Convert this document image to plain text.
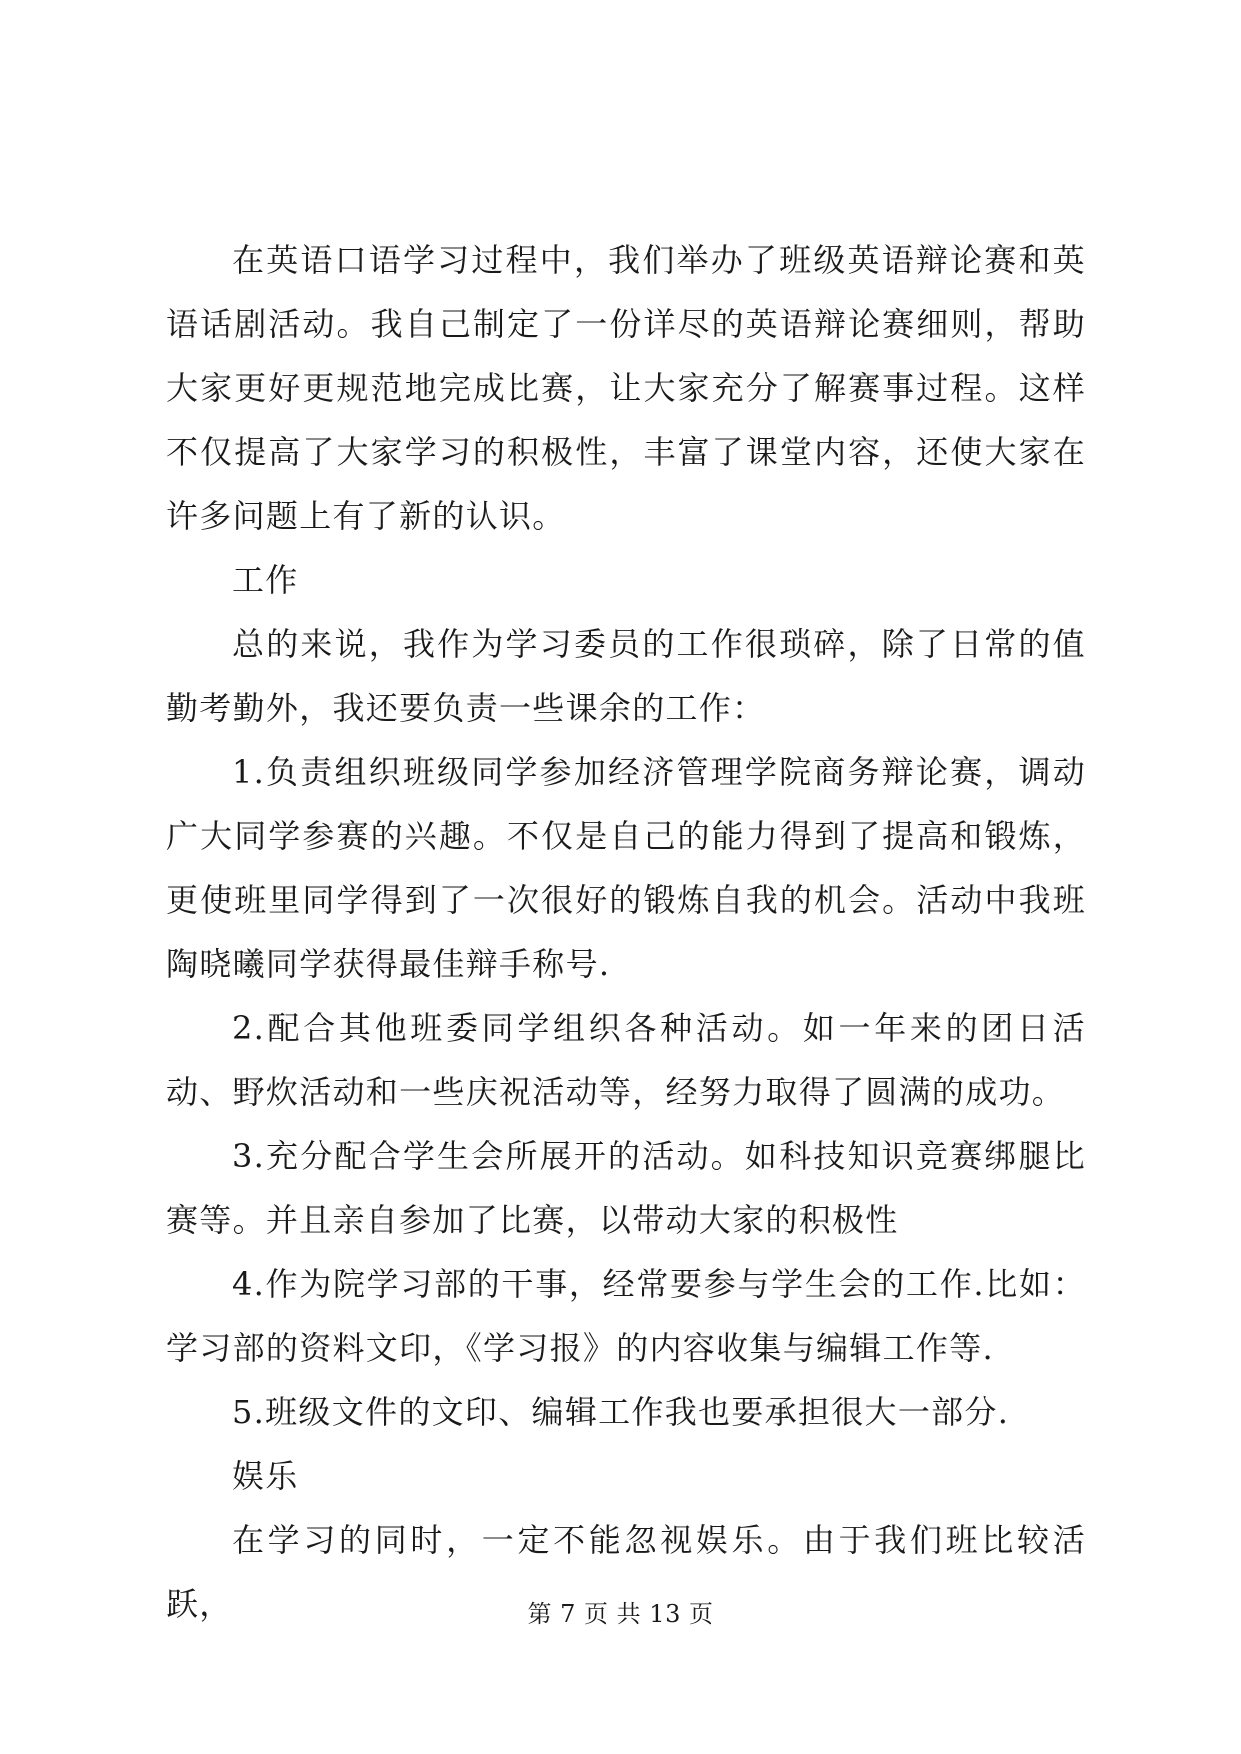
在英语口语学习过程中，我们举办了班级英语辩论赛和英语话剧活动。我自己制定了一份详尽的英语辩论赛细则，帮助大家更好更规范地完成比赛，让大家充分了解赛事过程。这样不仅提高了大家学习的积极性，丰富了课堂内容，还使大家在许多问题上有了新的认识。

工作

总的来说，我作为学习委员的工作很琐碎，除了日常的值勤考勤外，我还要负责一些课余的工作：

1.负责组织班级同学参加经济管理学院商务辩论赛，调动广大同学参赛的兴趣。不仅是自己的能力得到了提高和锻炼，更使班里同学得到了一次很好的锻炼自我的机会。活动中我班陶晓曦同学获得最佳辩手称号.

2.配合其他班委同学组织各种活动。如一年来的团日活动、野炊活动和一些庆祝活动等，经努力取得了圆满的成功。

3.充分配合学生会所展开的活动。如科技知识竞赛绑腿比赛等。并且亲自参加了比赛，以带动大家的积极性

4.作为院学习部的干事，经常要参与学生会的工作.比如：学习部的资料文印，《学习报》的内容收集与编辑工作等.

5.班级文件的文印、编辑工作我也要承担很大一部分.

娱乐

在学习的同时，一定不能忽视娱乐。由于我们班比较活跃，	第 7 页 共 13 页
